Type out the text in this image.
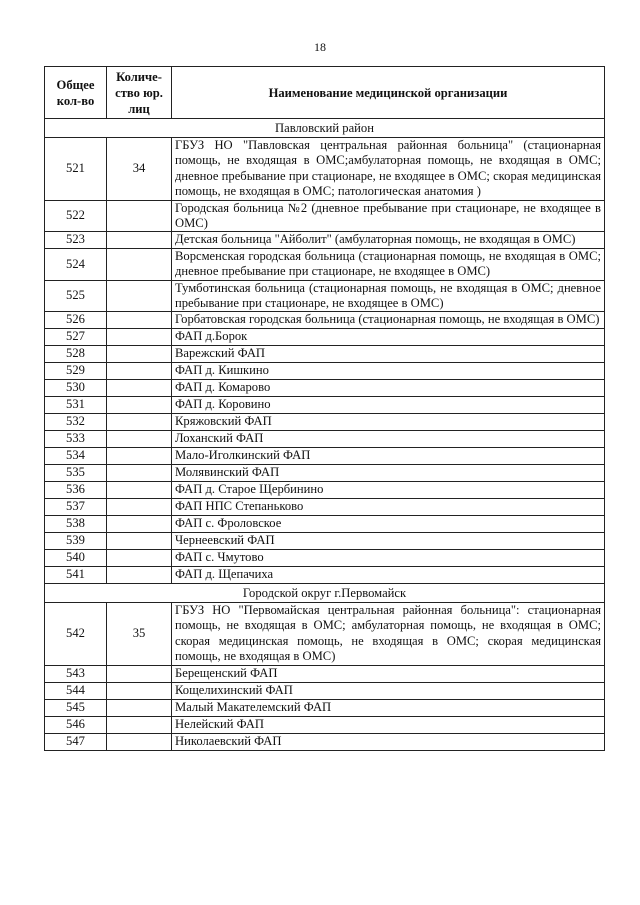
18
Общее кол-во	Количе-ство юр. лиц	Наименование медицинской организации
Павловский район		
521	34	ГБУЗ НО "Павловская центральная районная больница" (стационарная помощь, не входящая в ОМС;амбулаторная помощь, не входящая в ОМС; дневное пребывание при стационаре, не входящее в ОМС; скорая медицинская помощь, не входящая в ОМС; патологическая анатомия )
522		Городская больница №2 (дневное пребывание при стационаре, не входящее в ОМС)
523		Детская больница "Айболит" (амбулаторная помощь, не входящая в ОМС)
524		Ворсменская городская больница (стационарная помощь, не входящая в ОМС; дневное пребывание при стационаре, не входящее в ОМС)
525		Тумботинская больница (стационарная помощь, не входящая в ОМС; дневное пребывание при стационаре, не входящее в ОМС)
526		Горбатовская городская больница (стационарная помощь, не входящая в ОМС)
527		ФАП д.Борок
528		Варежский ФАП
529		ФАП д. Кишкино
530		ФАП д. Комарово
531		ФАП д. Коровино
532		Кряжовский ФАП
533		Лоханский ФАП
534		Мало-Иголкинский ФАП
535		Молявинский ФАП
536		ФАП д. Старое Щербинино
537		ФАП НПС Степаньково
538		ФАП с. Фроловское
539		Чернеевский ФАП
540		ФАП с. Чмутово
541		ФАП д. Щепачиха
Городской округ г.Первомайск		
542	35	ГБУЗ НО "Первомайская центральная районная больница": стационарная помощь, не входящая в ОМС; амбулаторная помощь, не входящая в ОМС; скорая медицинская помощь, не входящая в ОМС; скорая медицинская помощь, не входящая в ОМС)
543		Берещенский ФАП
544		Кощелихинский ФАП
545		Малый Макателемский ФАП
546		Нелейский ФАП
547		Николаевский ФАП
